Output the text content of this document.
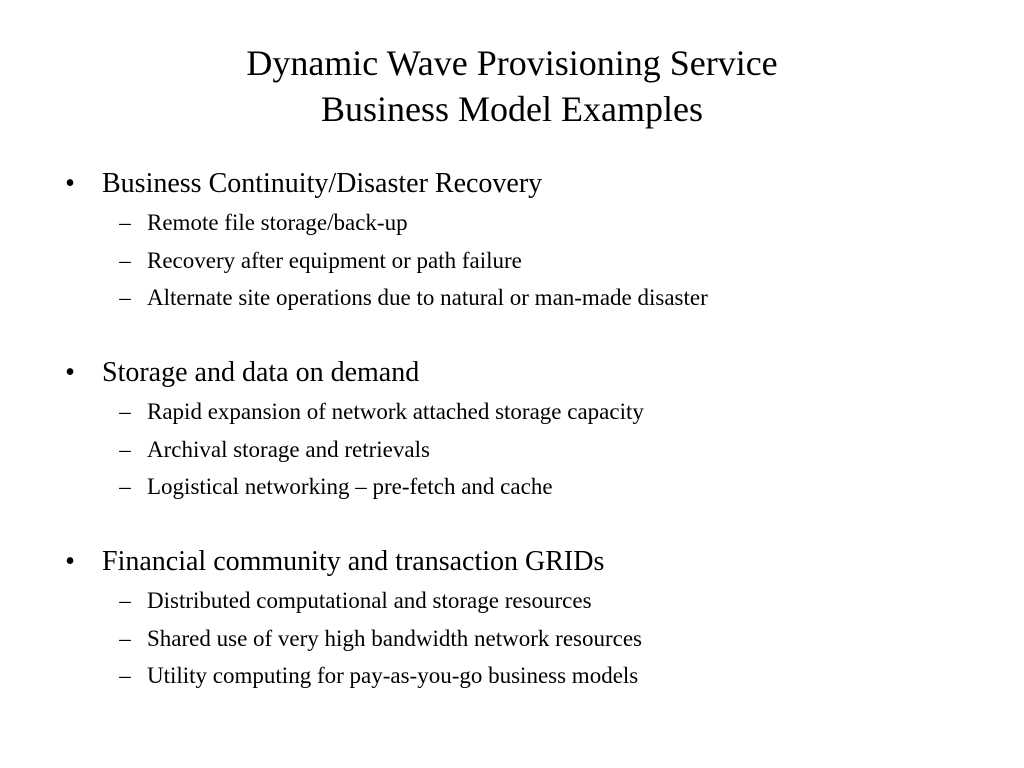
Dynamic Wave Provisioning Service
Business Model Examples
• Business Continuity/Disaster Recovery
– Remote file storage/back-up
– Recovery after equipment or path failure
– Alternate site operations due to natural or man-made disaster
• Storage and data on demand
– Rapid expansion of network attached storage capacity
– Archival storage and retrievals
– Logistical networking – pre-fetch and cache
• Financial community and transaction GRIDs
– Distributed computational and storage resources
– Shared use of very high bandwidth network resources
– Utility computing for pay-as-you-go business models
